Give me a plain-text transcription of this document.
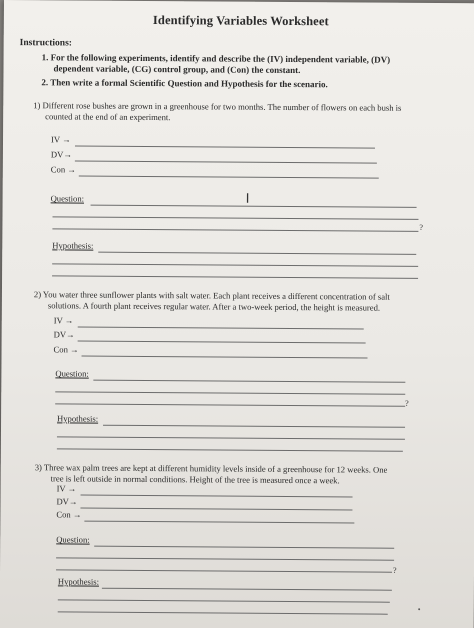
Identifying Variables Worksheet
Instructions:
1. For the following experiments, identify and describe the (IV) independent variable, (DV)
dependent variable, (CG) control group, and (Con) the constant.
2. Then write a formal Scientific Question and Hypothesis for the scenario.
1) Different rose bushes are grown in a greenhouse for two months. The number of flowers on each bush is
counted at the end of an experiment.
IV →
DV→
Con →
Question:
?
Hypothesis:
2) You water three sunflower plants with salt water. Each plant receives a different concentration of salt
solutions. A fourth plant receives regular water. After a two-week period, the height is measured.
IV →
DV→
Con →
Question:
?
Hypothesis:
3) Three wax palm trees are kept at different humidity levels inside of a greenhouse for 12 weeks. One
tree is left outside in normal conditions. Height of the tree is measured once a week.
IV →
DV→
Con →
Question:
?
Hypothesis:
I
•
